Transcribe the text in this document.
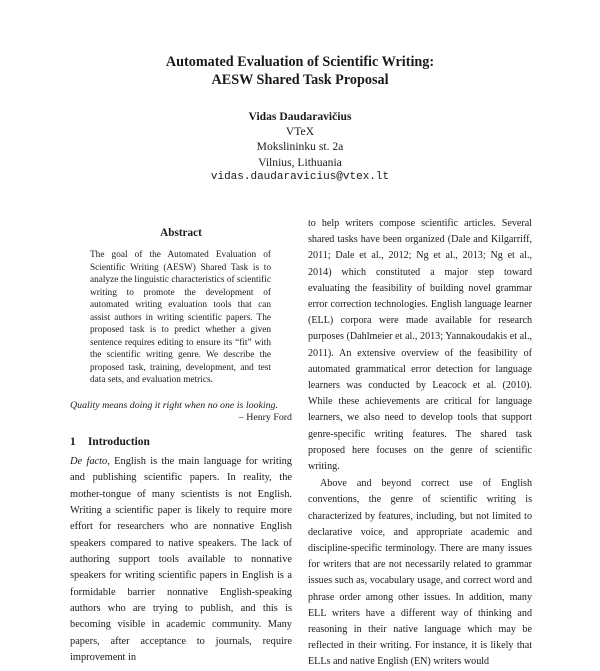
Automated Evaluation of Scientific Writing:
AESW Shared Task Proposal
Vidas Daudaravičius
VTeX
Mokslininku st. 2a
Vilnius, Lithuania
vidas.daudaravicius@vtex.lt
Abstract
The goal of the Automated Evaluation of Scientific Writing (AESW) Shared Task is to analyze the linguistic characteristics of scientific writing to promote the development of automated writing evaluation tools that can assist authors in writing scientific papers. The proposed task is to predict whether a given sentence requires editing to ensure its “fit” with the scientific writing genre. We describe the proposed task, training, development, and test data sets, and evaluation metrics.
Quality means doing it right when no one is looking.
– Henry Ford
1 Introduction
De facto, English is the main language for writing and publishing scientific papers. In reality, the mother-tongue of many scientists is not English. Writing a scientific paper is likely to require more effort for researchers who are nonnative English speakers compared to native speakers. The lack of authoring support tools available to nonnative speakers for writing scientific papers in English is a formidable barrier nonnative English-speaking authors who are trying to publish, and this is becoming visible in academic community. Many papers, after acceptance to journals, require improvement in

to help writers compose scientific articles. Several shared tasks have been organized (Dale and Kilgarriff, 2011; Dale et al., 2012; Ng et al., 2013; Ng et al., 2014) which constituted a major step toward evaluating the feasibility of building novel grammar error correction technologies. English language learner (ELL) corpora were made available for research purposes (Dahlmeier et al., 2013; Yannakoudakis et al., 2011). An extensive overview of the feasibility of automated grammatical error detection for language learners was conducted by Leacock et al. (2010). While these achievements are critical for language learners, we also need to develop tools that support genre-specific writing features. The shared task proposed here focuses on the genre of scientific writing.

Above and beyond correct use of English conventions, the genre of scientific writing is characterized by features, including, but not limited to declarative voice, and appropriate academic and discipline-specific terminology. There are many issues for writers that are not necessarily related to grammar issues such as, vocabulary usage, and correct word and phrase order among other issues. In addition, many ELL writers have a different way of thinking and reasoning in their native language which may be reflected in their writing. For instance, it is likely that ELLs and native English (EN) writers would
